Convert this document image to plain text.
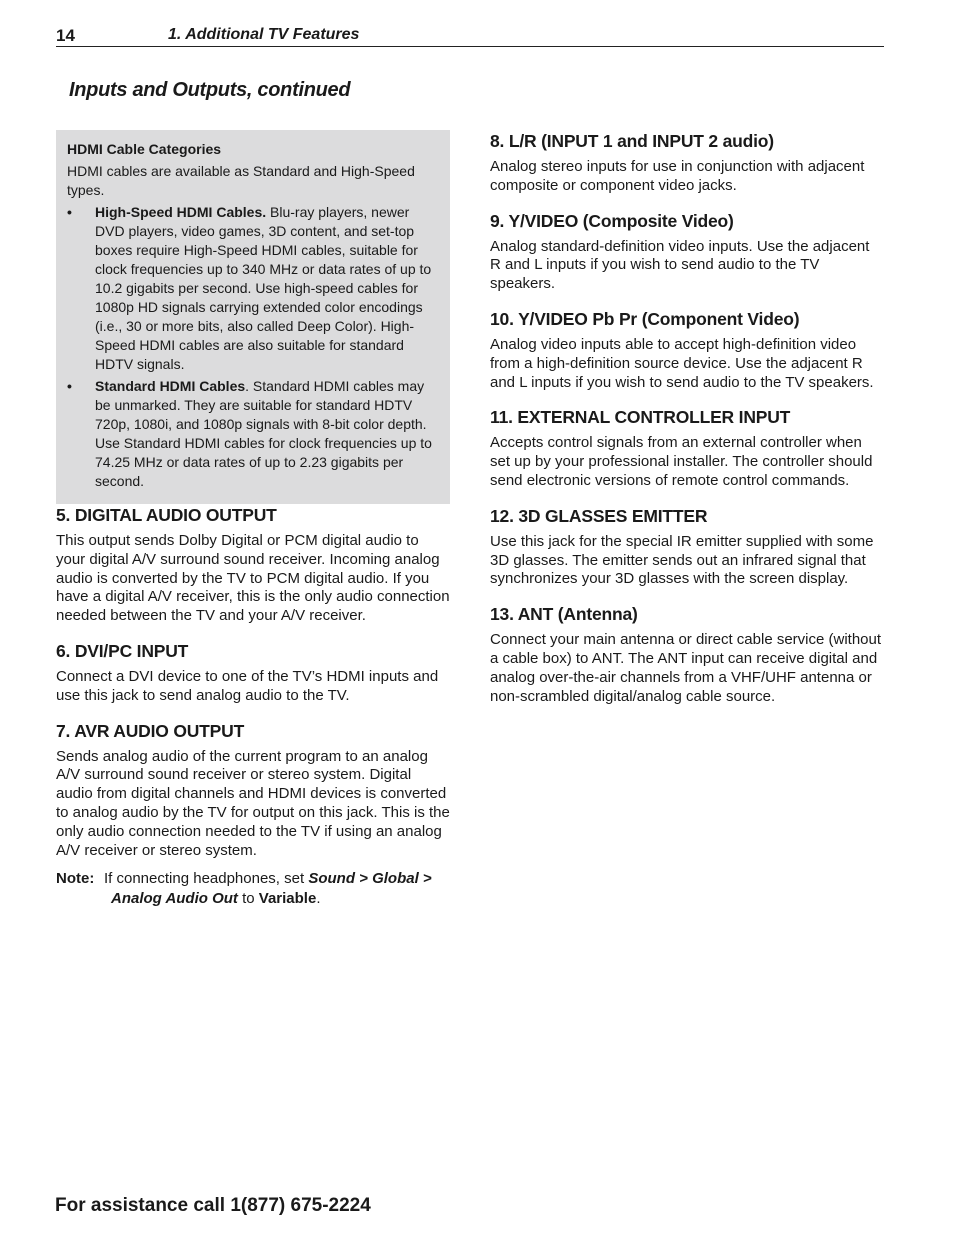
14	1. Additional TV Features
Inputs and Outputs, continued
HDMI Cable Categories

HDMI cables are available as Standard and High-Speed types.

• High-Speed HDMI Cables. Blu-ray players, newer DVD players, video games, 3D content, and set-top boxes require High-Speed HDMI cables, suitable for clock frequencies up to 340 MHz or data rates of up to 10.2 gigabits per second. Use high-speed cables for 1080p HD signals carrying extended color encodings (i.e., 30 or more bits, also called Deep Color). High-Speed HDMI cables are also suitable for standard HDTV signals.
• Standard HDMI Cables. Standard HDMI cables may be unmarked. They are suitable for standard HDTV 720p, 1080i, and 1080p signals with 8-bit color depth. Use Standard HDMI cables for clock frequencies up to 74.25 MHz or data rates of up to 2.23 gigabits per second.
5. DIGITAL AUDIO OUTPUT

This output sends Dolby Digital or PCM digital audio to your digital A/V surround sound receiver. Incoming analog audio is converted by the TV to PCM digital audio. If you have a digital A/V receiver, this is the only audio connection needed between the TV and your A/V receiver.

6. DVI/PC INPUT

Connect a DVI device to one of the TV’s HDMI inputs and use this jack to send analog audio to the TV.

7. AVR AUDIO OUTPUT

Sends analog audio of the current program to an analog A/V surround sound receiver or stereo system. Digital audio from digital channels and HDMI devices is converted to analog audio by the TV for output on this jack. This is the only audio connection needed to the TV if using an analog A/V receiver or stereo system.

Note: If connecting headphones, set Sound > Global > Analog Audio Out to Variable.
8. L/R (INPUT 1 and INPUT 2 audio)

Analog stereo inputs for use in conjunction with adjacent composite or component video jacks.

9. Y/VIDEO (Composite Video)

Analog standard-definition video inputs. Use the adjacent R and L inputs if you wish to send audio to the TV speakers.

10. Y/VIDEO Pb Pr (Component Video)

Analog video inputs able to accept high-definition video from a high-definition source device. Use the adjacent R and L inputs if you wish to send audio to the TV speakers.

11. EXTERNAL CONTROLLER INPUT

Accepts control signals from an external controller when set up by your professional installer. The controller should send electronic versions of remote control commands.

12. 3D GLASSES EMITTER

Use this jack for the special IR emitter supplied with some 3D glasses. The emitter sends out an infrared signal that synchronizes your 3D glasses with the screen display.

13. ANT (Antenna)

Connect your main antenna or direct cable service (without a cable box) to ANT. The ANT input can receive digital and analog over-the-air channels from a VHF/UHF antenna or non-scrambled digital/analog cable source.

For assistance call 1(877) 675-2224
